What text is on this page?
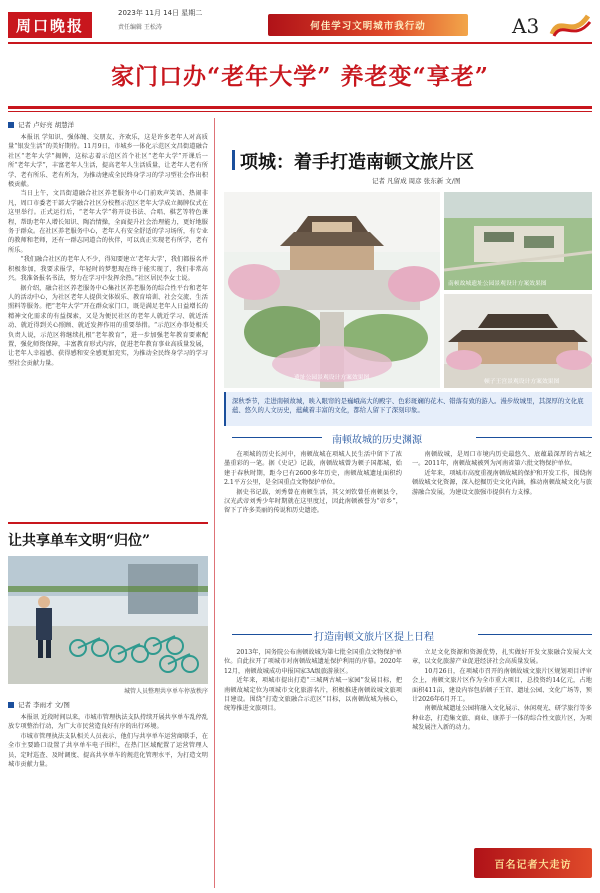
周口晚报
2023年 11月 14日 星期二
责任编辑 王松涛	何佳学习文明城市我行动	A3
家门口办“老年大学” 养老变“享老”
记者 卢好亮 胡慧洋

本报讯 学知识、强体魄、交朋友、齐欢乐，这是许多老年人对高质量“银发生活”的美好期待。11月9日，市城乡一体化示范区文昌街道融合社区“老年大学”揭牌，这标志着示范区首个社区“老年大学”开课后一所“老年大学”，丰富老年人生活，提高老年人生活质量，让老年人老有所学、老有所乐、老有所为，为推动建成全民终身学习的学习型社会作出积极贡献。

当日上午，文昌街道融合社区养老服务中心门前欢声笑语、热闹非凡，周口市委老干部大学融合社区分校暨示范区老年大学成立揭牌仪式在这里举行。正式运行后，“老年大学”将开设书法、合唱、棋艺等特色课程，帮助老年人增长知识、陶冶情操，全面提升社会治理能力，更好地服务于群众。在社区养老服务中心，老年人有安全舒适的学习场所，有专业的教师和老师，还有一群志同道合的伙伴，可以真正实现老有所学，老有所乐。

“我们融合社区的老年人不少，得知要建立‘老年大学’，我们都报名并积极参加，我要求报学，年轻时的梦想现在终于能实现了，我们非常高兴。我准备报名书法，努力在学习中发挥余热。”社区居民李女士说。

据介绍，融合社区养老服务中心集社区养老服务的综合性平台和老年人的活动中心，为社区老年人提供文体娱乐、教育培训、社会交流、生活照料等服务。把“老年大学”开在群众家门口，既是满足老年人日益增长的精神文化需求的有益探索，又是为便民社区的老年人就近学习、就近活动、就近得到关心照顾、就近发挥作用的重要举措。“示范区办事处相关负责人说，示范区将继续扎根“老年教育”，进一步加强老年教育要素配置，强化师资保障，丰富教育形式内容，促进老年教育事业高质量发展，让老年人幸福感、获得感和安全感更加充实，为推动全民终身学习的学习型社会贡献力量。

让共享单车文明“归位”
城管人员整理共享单车停放秩序
记者 李雨才 文/图

本报讯 近段时间以来，市城市管理执法支队持续开展共享单车乱停乱放专项整治行动，为广大市民营造良好有序的出行环境。

市城市管理执法支队相关人员表示，他们与共享单车运营商联手，在全市主要路口设置了共享单车电子围栏，在热门区域配置了运营管理人员，定时巡查、及时调度、提高共享单车的规范化管理水平，为打造文明城市贡献力量。

项城：着手打造南顿文旅片区
记者 凡留成 周彦 张东新 文/图
遗址公园景观设计方案效果图
南顿故城遗址公园景观设计方案效果图
顿子王宫景观设计方案效果图
深秋季节，走进南顿故城，映入眼帘的是巍峨高大的殿宇、色彩斑斓的花木、错落有致的游人。漫步故城里，其深厚的文化底蕴、悠久的人文历史，蕴藏着丰富的文化，都给人留下了深刻印象。
南顿故城的历史渊源

在项城的历史长河中，南顿故城在项城人民生活中留下了浓墨重彩的一笔。据《史记》记载，南顿故城曾为顿子国都城，始建于春秋时期，距今已有2600多年历史，南顿故城遗址面积约2.1平方公里，是全国重点文物保护单位。

据史书记载，刘秀曾在南顿生活，其父刘钦曾任南顿县令，汉光武帝刘秀少年时期就在这里度过，因此南顿被誉为“帝乡”，留下了许多美丽的传说和历史遗迹。

南顿故城，是周口市境内历史最悠久、底蕴最深厚的古城之一。2011年，南顿故城被列为河南省第六批文物保护单位。

近年来，项城市高度重视南顿故城的保护和开发工作，围绕南顿故城文化资源，深入挖掘历史文化内涵，推动南顿故城文化与旅游融合发展，为建设文旅强市提供有力支撑。

打造南顿文旅片区提上日程

2013年，国务院公布南顿故城为第七批全国重点文物保护单位。自此拉开了项城市对南顿故城遗址保护利用的序幕。2020年12月，南顿故城成功申报国家3A级旅游景区。

近年来，项城市提出打造“三城两古城一家园”发展目标，把南顿故城定位为项城市文化旅游名片，积极推进南顿故城文旅项目建设。围绕“打造文旅融合示范区”目标，以南顿故城为核心，统筹推进文旅项目。

立足文化资源和资源优势，扎实做好开发文旅融合发展大文章，以文化旅游产业促进经济社会高质量发展。

10月26日，在项城市召开的南顿故城文旅片区规划项目评审会上，南顿文旅片区作为全市重大项目，总投资约14亿元，占地面积411亩，建设内容包括顿子王宫、遗址公园、文化广场等，预计2026年6月开工。

南顿故城遗址公园将融入文化展示、休闲观光、研学旅行等多种业态，打造集文旅、商业、康养于一体的综合性文旅片区，为项城发展注入新的动力。

百名记者大走访
